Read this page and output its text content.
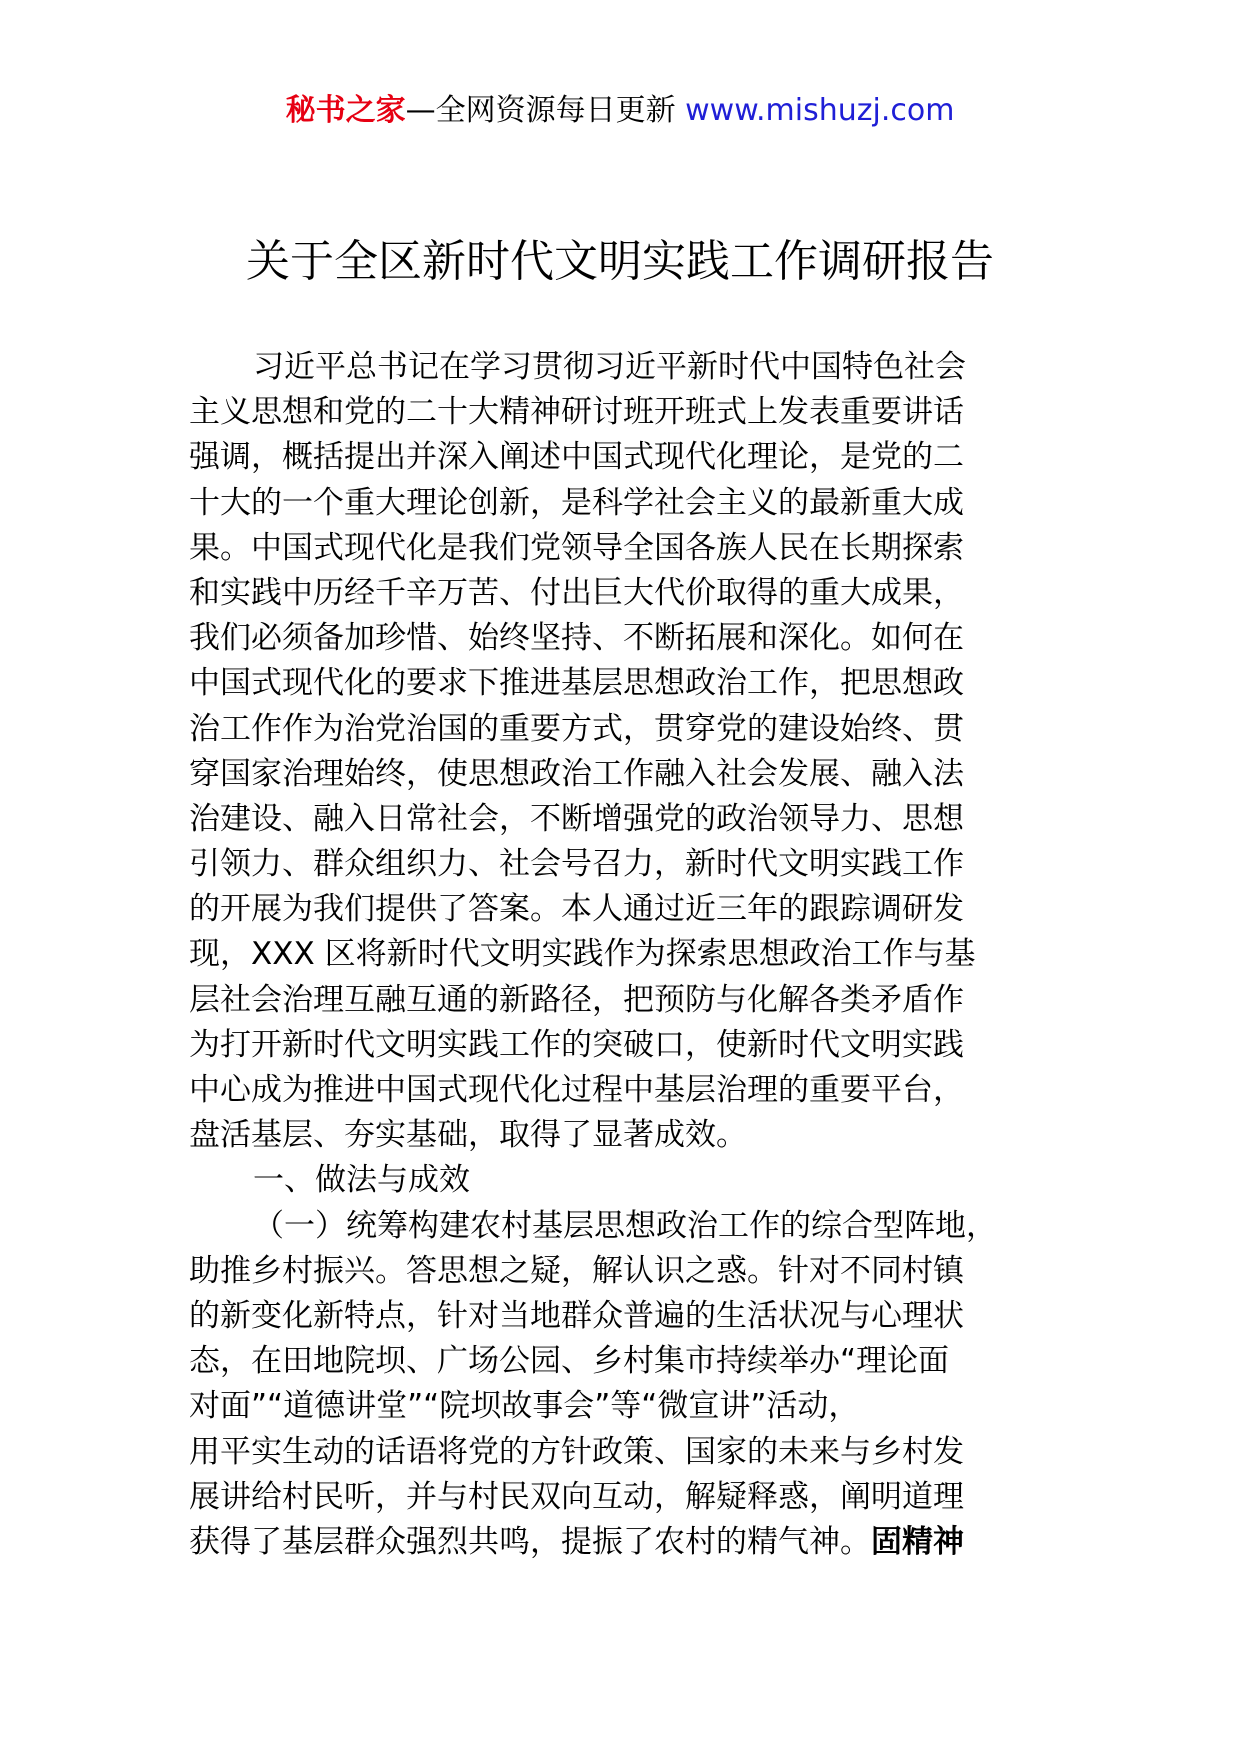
秘书之家—全网资源每日更新 www.mishuzj.com
关于全区新时代文明实践工作调研报告
习近平总书记在学习贯彻习近平新时代中国特色社会
主义思想和党的二十大精神研讨班开班式上发表重要讲话
强调，概括提出并深入阐述中国式现代化理论，是党的二
十大的一个重大理论创新，是科学社会主义的最新重大成
果。中国式现代化是我们党领导全国各族人民在长期探索
和实践中历经千辛万苦、付出巨大代价取得的重大成果，
我们必须备加珍惜、始终坚持、不断拓展和深化。如何在
中国式现代化的要求下推进基层思想政治工作，把思想政
治工作作为治党治国的重要方式，贯穿党的建设始终、贯
穿国家治理始终，使思想政治工作融入社会发展、融入法
治建设、融入日常社会，不断增强党的政治领导力、思想
引领力、群众组织力、社会号召力，新时代文明实践工作
的开展为我们提供了答案。本人通过近三年的跟踪调研发
现，XXX 区将新时代文明实践作为探索思想政治工作与基
层社会治理互融互通的新路径，把预防与化解各类矛盾作
为打开新时代文明实践工作的突破口，使新时代文明实践
中心成为推进中国式现代化过程中基层治理的重要平台，
盘活基层、夯实基础，取得了显著成效。
一、做法与成效
（一）统筹构建农村基层思想政治工作的综合型阵地，
助推乡村振兴。答思想之疑，解认识之惑。针对不同村镇
的新变化新特点，针对当地群众普遍的生活状况与心理状
态，在田地院坝、广场公园、乡村集市持续举办“理论面
对面”“道德讲堂”“院坝故事会”等“微宣讲”活动，
用平实生动的话语将党的方针政策、国家的未来与乡村发
展讲给村民听，并与村民双向互动，解疑释惑，阐明道理
获得了基层群众强烈共鸣，提振了农村的精气神。固精神
